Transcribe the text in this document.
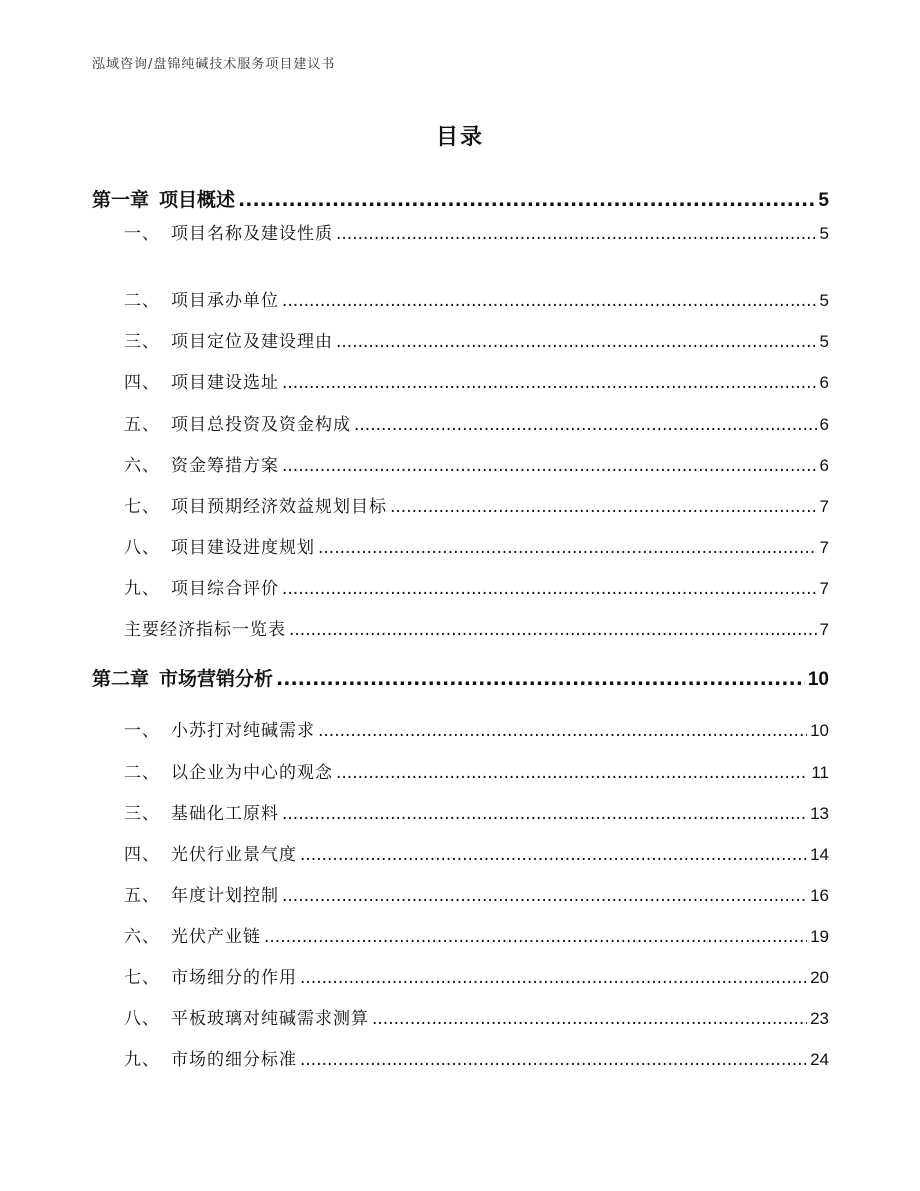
泓域咨询/盘锦纯碱技术服务项目建议书
目录
第一章 项目概述 .....	5
一、 项目名称及建设性质 .....	5
二、 项目承办单位 .....	5
三、 项目定位及建设理由 .....	5
四、 项目建设选址 .....	6
五、 项目总投资及资金构成 .....	6
六、 资金筹措方案 .....	6
七、 项目预期经济效益规划目标 .....	7
八、 项目建设进度规划 .....	7
九、 项目综合评价 .....	7
主要经济指标一览表 .....	7
第二章 市场营销分析 .....	10
一、 小苏打对纯碱需求 .....	10
二、 以企业为中心的观念 .....	11
三、 基础化工原料 .....	13
四、 光伏行业景气度 .....	14
五、 年度计划控制 .....	16
六、 光伏产业链 .....	19
七、 市场细分的作用 .....	20
八、 平板玻璃对纯碱需求测算 .....	23
九、 市场的细分标准 .....	24
